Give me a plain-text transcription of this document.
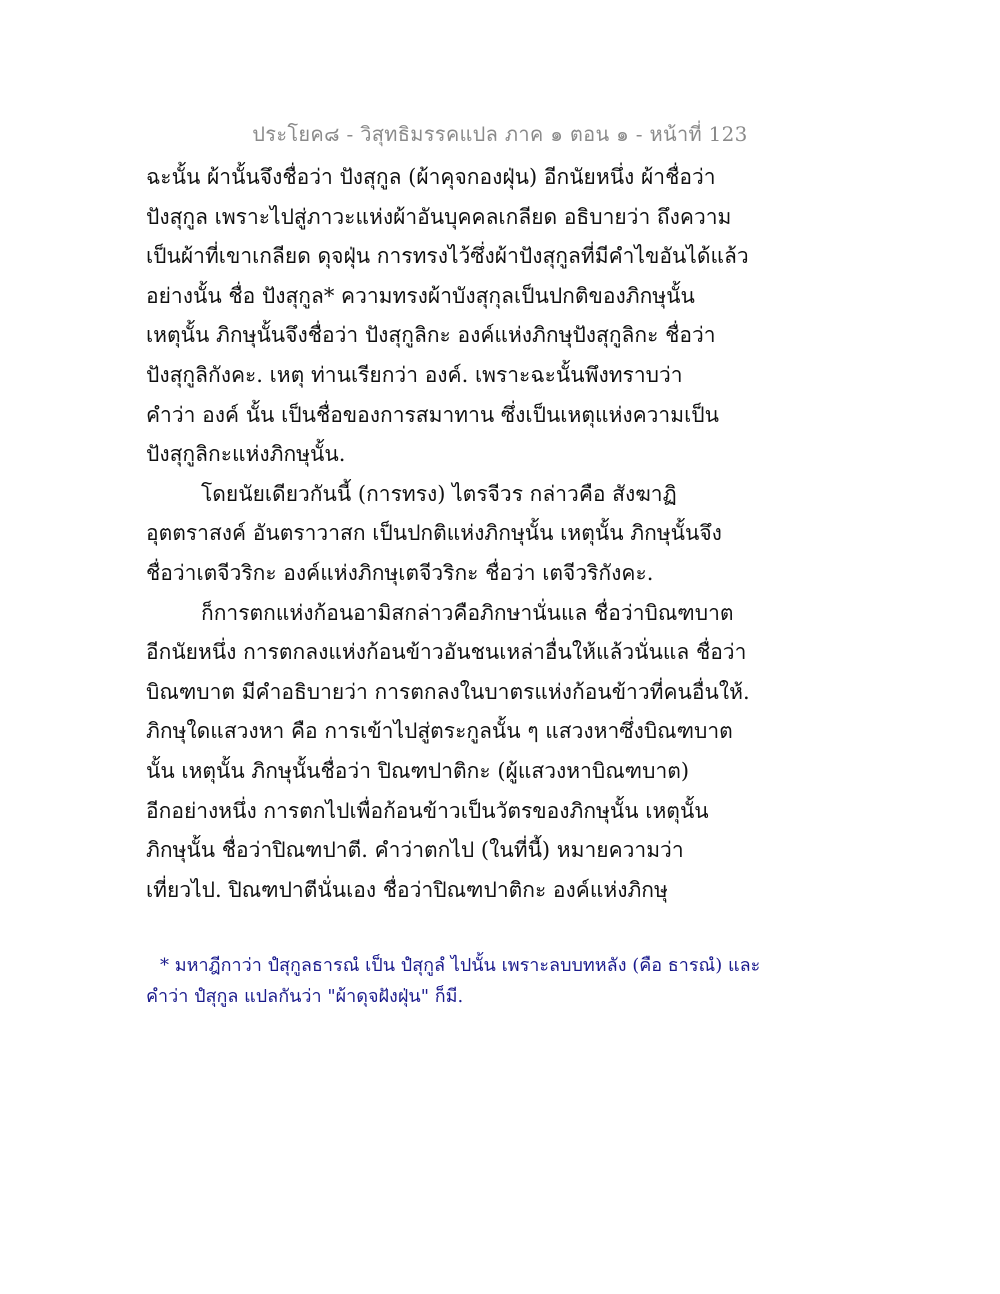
ประโยค๘ - วิสุทธิมรรคแปล ภาค ๑ ตอน ๑ - หน้าที่ 123
ฉะนั้น ผ้านั้นจึงชื่อว่า ปังสุกูล (ผ้าคุจกองฝุ่น) อีกนัยหนึ่ง ผ้าชื่อว่า
ปังสุกูล เพราะไปสู่ภาวะแห่งผ้าอันบุคคลเกลียด อธิบายว่า ถึงความ
เป็นผ้าที่เขาเกลียด ดุจฝุ่น การทรงไว้ซึ่งผ้าปังสุกูลที่มีคำไขอันได้แล้ว
อย่างนั้น ชื่อ ปังสุกูล* ความทรงผ้าบังสุกุลเป็นปกติของภิกษุนั้น
เหตุนั้น ภิกษุนั้นจึงชื่อว่า ปังสุกูลิกะ องค์แห่งภิกษุปังสุกูลิกะ ชื่อว่า
ปังสุกูลิกังคะ. เหตุ ท่านเรียกว่า องค์. เพราะฉะนั้นพึงทราบว่า
คำว่า องค์ นั้น เป็นชื่อของการสมาทาน ซึ่งเป็นเหตุแห่งความเป็น
ปังสุกูลิกะแห่งภิกษุนั้น.
โดยนัยเดียวกันนี้ (การทรง) ไตรจีวร กล่าวคือ สังฆาฏิ
อุตตราสงค์ อันตราวาสก เป็นปกติแห่งภิกษุนั้น เหตุนั้น ภิกษุนั้นจึง
ชื่อว่าเตจีวริกะ องค์แห่งภิกษุเตจีวริกะ ชื่อว่า เตจีวริกังคะ.
ก็การตกแห่งก้อนอามิสกล่าวคือภิกษานั่นแล ชื่อว่าบิณฑบาต
อีกนัยหนึ่ง การตกลงแห่งก้อนข้าวอันชนเหล่าอื่นให้แล้วนั่นแล ชื่อว่า
บิณฑบาต มีคำอธิบายว่า การตกลงในบาตรแห่งก้อนข้าวที่คนอื่นให้.
ภิกษุใดแสวงหา คือ การเข้าไปสู่ตระกูลนั้น ๆ แสวงหาซึ่งบิณฑบาต
นั้น เหตุนั้น ภิกษุนั้นชื่อว่า ปิณฑปาติกะ (ผู้แสวงหาบิณฑบาต)
อีกอย่างหนึ่ง การตกไปเพื่อก้อนข้าวเป็นวัตรของภิกษุนั้น เหตุนั้น
ภิกษุนั้น ชื่อว่าปิณฑปาตี. คำว่าตกไป (ในที่นี้) หมายความว่า
เที่ยวไป. ปิณฑปาตีนั่นเอง ชื่อว่าปิณฑปาติกะ องค์แห่งภิกษุ
* มหาฎีกาว่า ปํสุกูลธารณํ เป็น ปํสุกูลํ ไปนั้น เพราะลบบทหลัง (คือ ธารณํ) และ
คำว่า ปํสุกูล แปลกันว่า "ผ้าดุจฝังฝุ่น" ก็มี.
